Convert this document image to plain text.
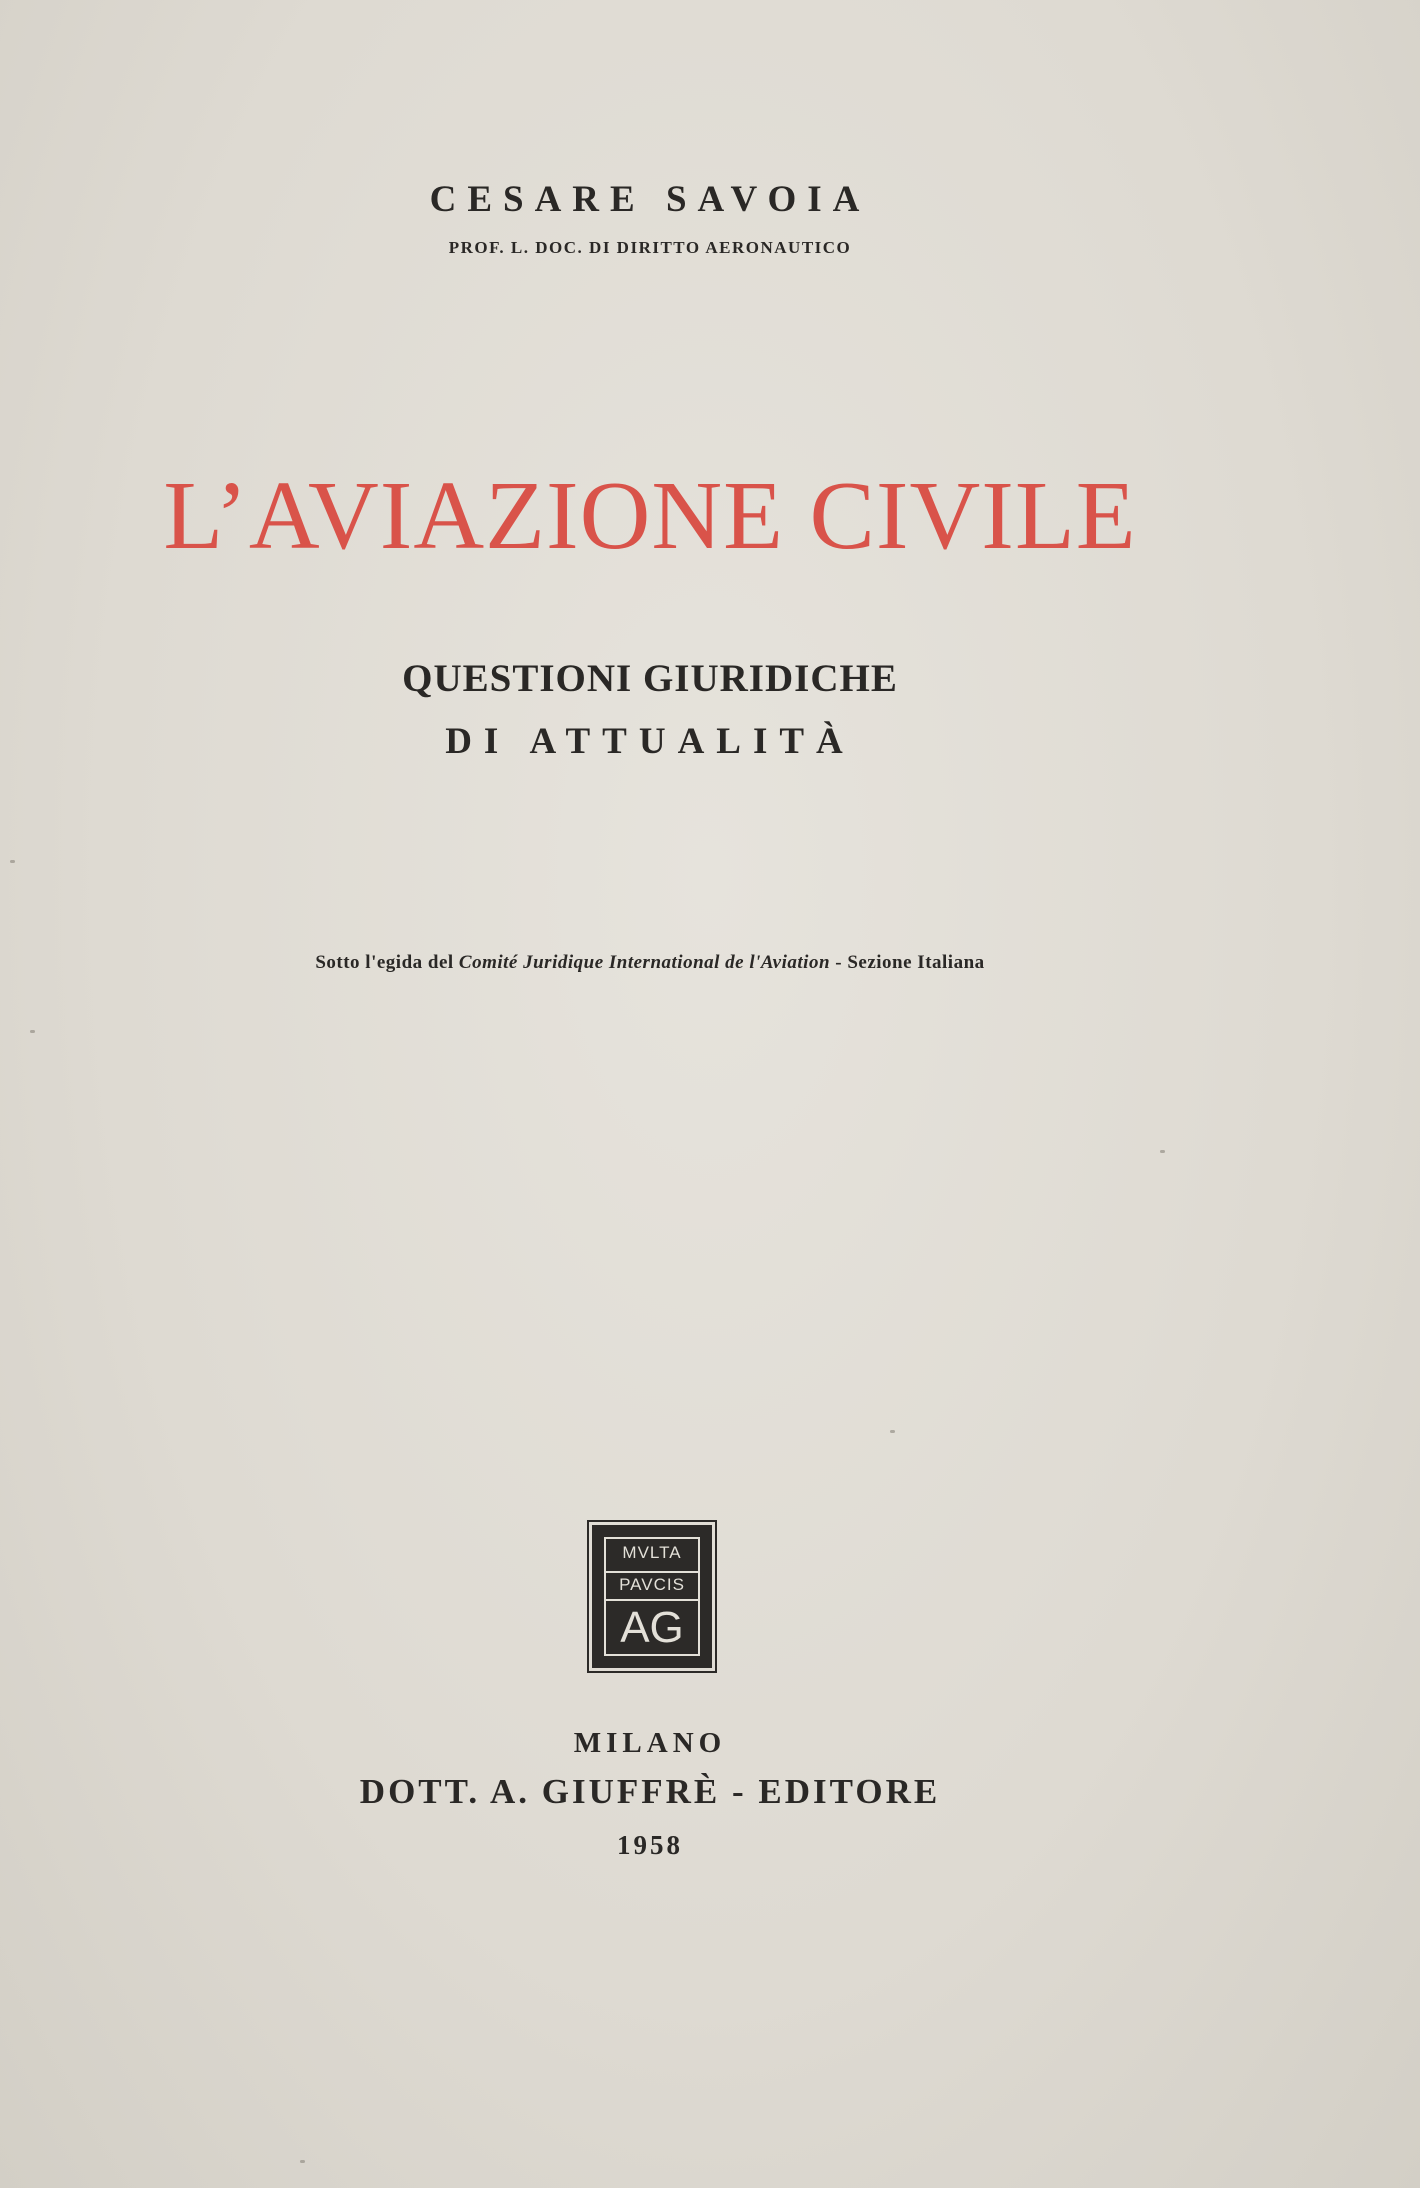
CESARE SAVOIA
PROF. L. DOC. DI DIRITTO AERONAUTICO
L’AVIAZIONE CIVILE
QUESTIONI GIURIDICHE
DI ATTUALITÀ
Sotto l'egida del Comité Juridique International de l'Aviation - Sezione Italiana
MVLTA
PAVCIS
AG
MILANO
DOTT. A. GIUFFRÈ - EDITORE
1958
